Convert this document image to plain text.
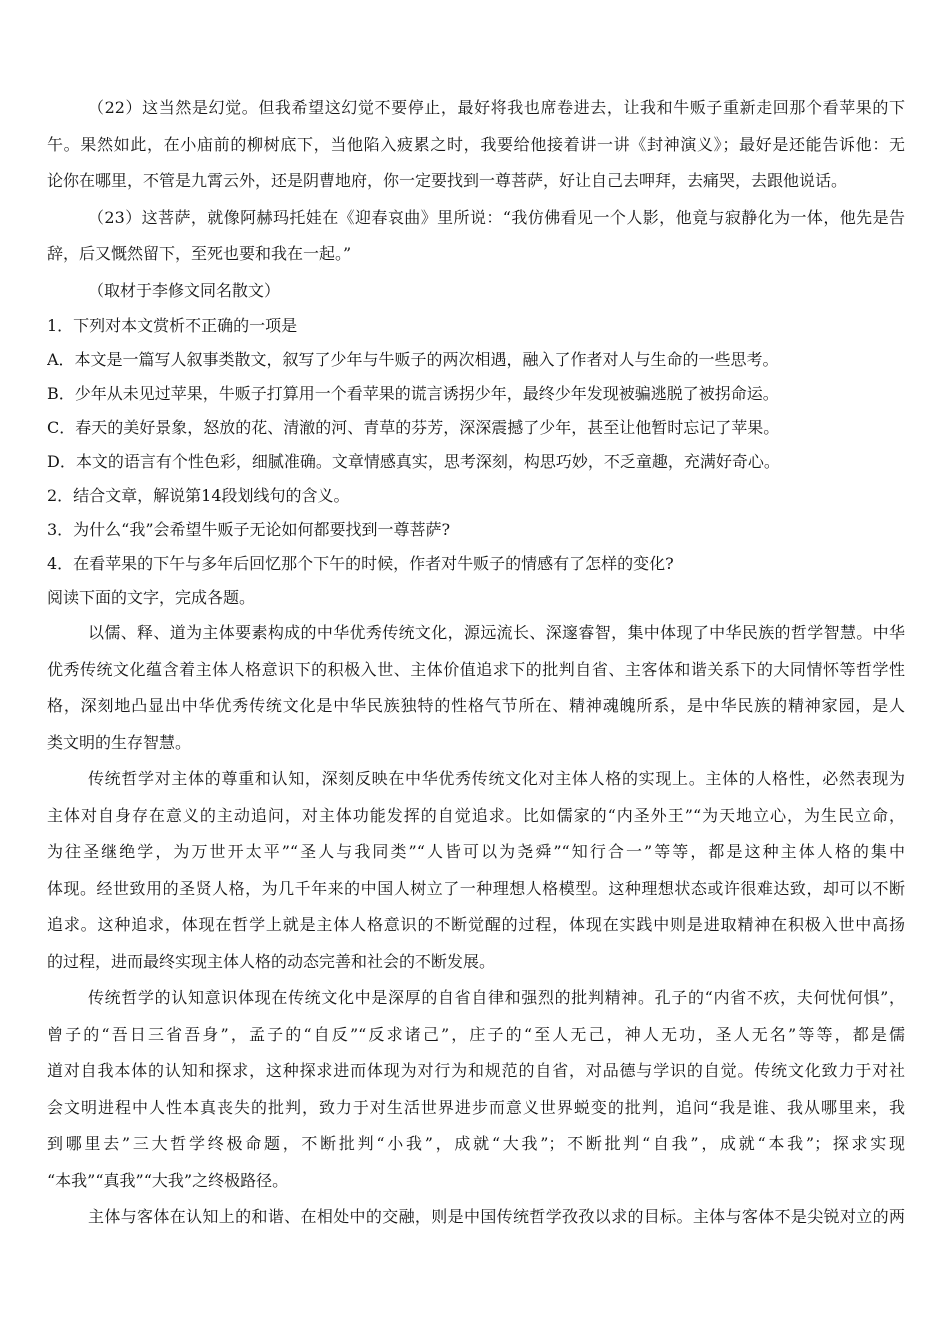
（22）这当然是幻觉。但我希望这幻觉不要停止，最好将我也席卷进去，让我和牛贩子重新走回那个看苹果的下
午。果然如此，在小庙前的柳树底下，当他陷入疲累之时，我要给他接着讲一讲《封神演义》；最好是还能告诉他：无
论你在哪里，不管是九霄云外，还是阴曹地府，你一定要找到一尊菩萨，好让自己去呷拜，去痛哭，去跟他说话。
（23）这菩萨，就像阿赫玛托娃在《迎春哀曲》里所说：“我仿佛看见一个人影，他竟与寂静化为一体，他先是告
辞，后又慨然留下，至死也要和我在一起。”
（取材于李修文同名散文）
1．下列对本文赏析不正确的一项是
A．本文是一篇写人叙事类散文，叙写了少年与牛贩子的两次相遇，融入了作者对人与生命的一些思考。
B．少年从未见过苹果，牛贩子打算用一个看苹果的谎言诱拐少年，最终少年发现被骗逃脱了被拐命运。
C．春天的美好景象，怒放的花、清澈的河、青草的芬芳，深深震撼了少年，甚至让他暂时忘记了苹果。
D．本文的语言有个性色彩，细腻准确。文章情感真实，思考深刻，构思巧妙，不乏童趣，充满好奇心。
2．结合文章，解说第14段划线句的含义。
3．为什么“我”会希望牛贩子无论如何都要找到一尊菩萨?
4．在看苹果的下午与多年后回忆那个下午的时候，作者对牛贩子的情感有了怎样的变化?
阅读下面的文字，完成各题。
以儒、释、道为主体要素构成的中华优秀传统文化，源远流长、深邃睿智，集中体现了中华民族的哲学智慧。中华
优秀传统文化蕴含着主体人格意识下的积极入世、主体价值追求下的批判自省、主客体和谐关系下的大同情怀等哲学性
格，深刻地凸显出中华优秀传统文化是中华民族独特的性格气节所在、精神魂魄所系，是中华民族的精神家园，是人
类文明的生存智慧。
传统哲学对主体的尊重和认知，深刻反映在中华优秀传统文化对主体人格的实现上。主体的人格性，必然表现为
主体对自身存在意义的主动追问，对主体功能发挥的自觉追求。比如儒家的“内圣外王”“为天地立心，为生民立命，
为往圣继绝学，为万世开太平”“圣人与我同类”“人皆可以为尧舜”“知行合一”等等，都是这种主体人格的集中
体现。经世致用的圣贤人格，为几千年来的中国人树立了一种理想人格模型。这种理想状态或许很难达致，却可以不断
追求。这种追求，体现在哲学上就是主体人格意识的不断觉醒的过程，体现在实践中则是进取精神在积极入世中高扬
的过程，进而最终实现主体人格的动态完善和社会的不断发展。
传统哲学的认知意识体现在传统文化中是深厚的自省自律和强烈的批判精神。孔子的“内省不疚，夫何忧何惧”，
曾子的“吾日三省吾身”，孟子的“自反”“反求诸己”，庄子的“至人无己，神人无功，圣人无名”等等，都是儒
道对自我本体的认知和探求，这种探求进而体现为对行为和规范的自省，对品德与学识的自觉。传统文化致力于对社
会文明进程中人性本真丧失的批判，致力于对生活世界进步而意义世界蜕变的批判，追问“我是谁、我从哪里来，我
到哪里去”三大哲学终极命题，不断批判“小我”，成就“大我”；不断批判“自我”，成就“本我”；探求实现
“本我”“真我”“大我”之终极路径。
主体与客体在认知上的和谐、在相处中的交融，则是中国传统哲学孜孜以求的目标。主体与客体不是尖锐对立的两
